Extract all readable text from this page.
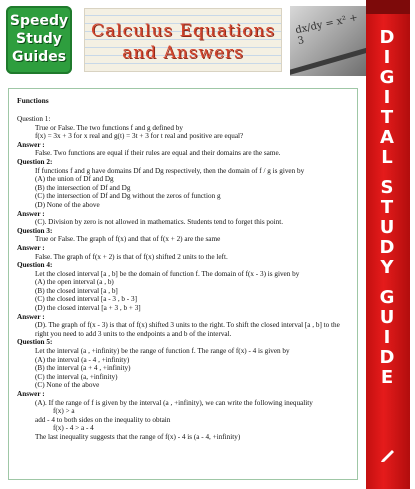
Speedy
Study
Guides
Calculus Equations
and Answers
dx/dy = x² + 3
Functions
Question 1:
True or False. The two functions f and g defined by
f(x) = 3x + 3 for x real and g(t) = 3t + 3 for t real and positive are equal?
Answer :
False. Two functions are equal if their rules are equal and their domains are the same.
Question 2:
If functions f and g have domains Df and Dg respectively, then the domain of f / g is given by
(A) the union of Df and Dg
(B) the intersection of Df and Dg
(C) the intersection of Df and Dg without the zeros of function g
(D) None of the above
Answer :
(C). Division by zero is not allowed in mathematics. Students tend to forget this point.
Question 3:
True or False. The graph of f(x) and that of f(x + 2) are the same
Answer :
False. The graph of f(x + 2) is that of f(x) shifted 2 units to the left.
Question 4:
Let the closed interval [a , b] be the domain of function f. The domain of f(x - 3) is given by
(A) the open interval (a , b)
(B) the closed interval [a , b]
(C) the closed interval [a - 3 , b - 3]
(D) the closed interval [a + 3 , b + 3]
Answer :
(D). The graph of f(x - 3) is that of f(x) shifted 3 units to the right. To shift the closed interval [a , b] to the
right you need to add 3 units to the endpoints a and b of the interval.
Question 5:
Let the interval (a , +infinity) be the range of function f. The range of f(x) - 4 is given by
(A) the interval (a - 4 , +infinity)
(B) the interval (a + 4 , +infinity)
(C) the interval (a, +infinity)
(C) None of the above
Answer :
(A). If the range of f is given by the interval (a , +infinity), we can write the following inequality
f(x) > a
add - 4 to both sides on the inequality to obtain
f(x) - 4 > a - 4
The last inequality suggests that the range of f(x) - 4 is (a - 4, +infinity)
D
I
G
I
T
A
L
S
T
U
D
Y
G
U
I
D
E
